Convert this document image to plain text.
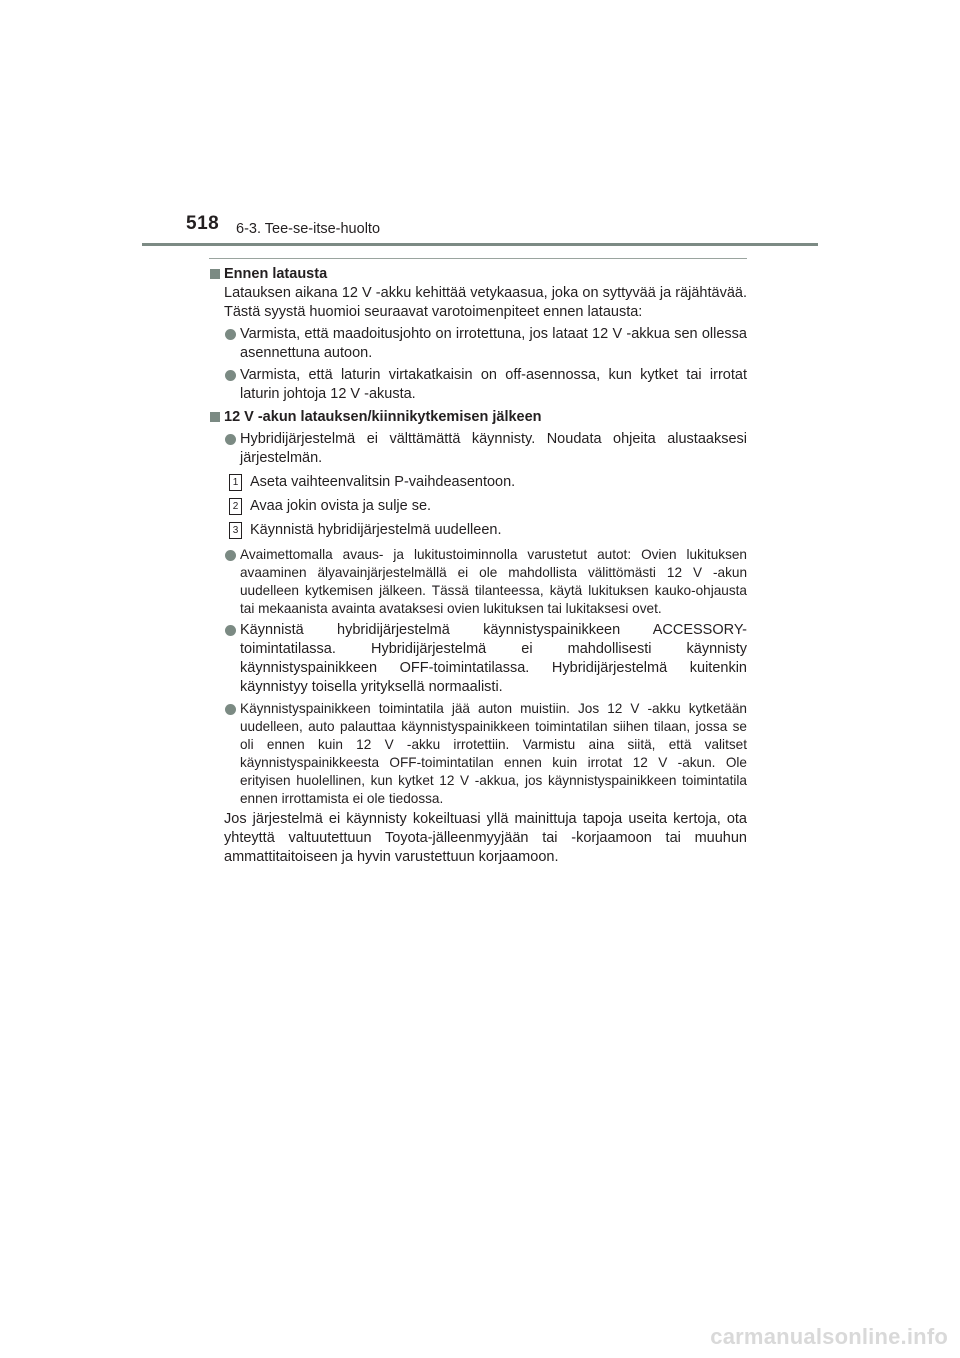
518 6-3. Tee-se-itse-huolto
Ennen latausta
Latauksen aikana 12 V -akku kehittää vetykaasua, joka on syttyvää ja räjähtävää. Tästä syystä huomioi seuraavat varotoimenpiteet ennen latausta:
Varmista, että maadoitusjohto on irrotettuna, jos lataat 12 V -akkua sen ollessa asennettuna autoon.
Varmista, että laturin virtakatkaisin on off-asennossa, kun kytket tai irrotat laturin johtoja 12 V -akusta.
12 V -akun latauksen/kiinnikytkemisen jälkeen
Hybridijärjestelmä ei välttämättä käynnisty. Noudata ohjeita alustaaksesi järjestelmän.
1 Aseta vaihteenvalitsin P-vaihdeasentoon.
2 Avaa jokin ovista ja sulje se.
3 Käynnistä hybridijärjestelmä uudelleen.
Avaimettomalla avaus- ja lukitustoiminnolla varustetut autot: Ovien lukituksen avaaminen älyavainjärjestelmällä ei ole mahdollista välittömästi 12 V -akun uudelleen kytkemisen jälkeen. Tässä tilanteessa, käytä lukituksen kauko-ohjausta tai mekaanista avainta avataksesi ovien lukituksen tai lukitaksesi ovet.
Käynnistä hybridijärjestelmä käynnistyspainikkeen ACCESSORY-toimintatilassa. Hybridijärjestelmä ei mahdollisesti käynnisty käynnistyspainikkeen OFF-toimintatilassa. Hybridijärjestelmä kuitenkin käynnistyy toisella yrityksellä normaalisti.
Käynnistyspainikkeen toimintatila jää auton muistiin. Jos 12 V -akku kytketään uudelleen, auto palauttaa käynnistyspainikkeen toimintatilan siihen tilaan, jossa se oli ennen kuin 12 V -akku irrotettiin. Varmistu aina siitä, että valitset käynnistyspainikkeesta OFF-toimintatilan ennen kuin irrotat 12 V -akun. Ole erityisen huolellinen, kun kytket 12 V -akkua, jos käynnistyspainikkeen toimintatila ennen irrottamista ei ole tiedossa.
Jos järjestelmä ei käynnisty kokeiltuasi yllä mainittuja tapoja useita kertoja, ota yhteyttä valtuutettuun Toyota-jälleenmyyjään tai -korjaamoon tai muuhun ammattitaitoiseen ja hyvin varustettuun korjaamoon.
carmanualsonline.info
